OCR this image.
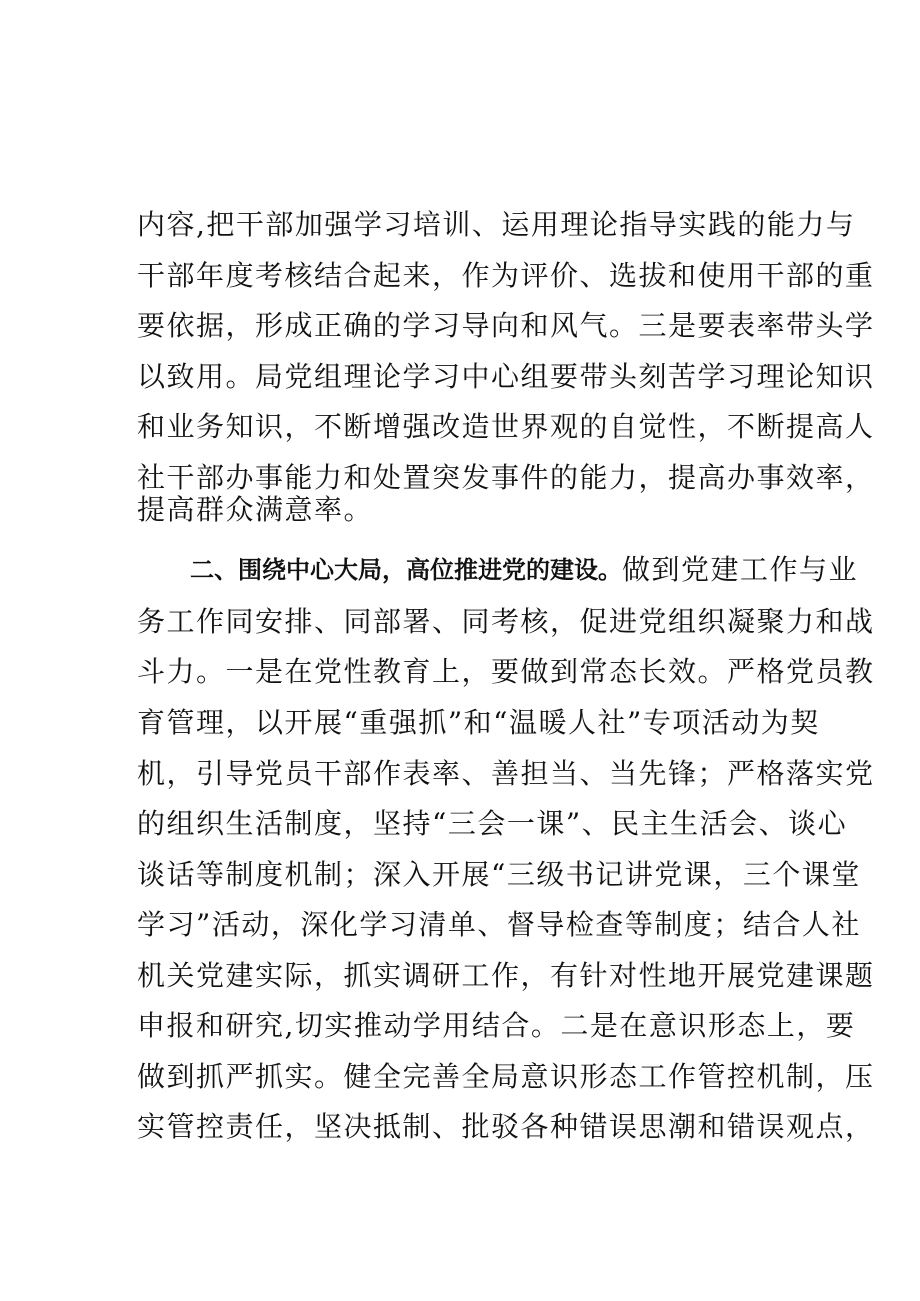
内容,把干部加强学习培训、运用理论指导实践的能力与
干部年度考核结合起来，作为评价、选拔和使用干部的重
要依据，形成正确的学习导向和风气。三是要表率带头学
以致用。局党组理论学习中心组要带头刻苦学习理论知识
和业务知识，不断增强改造世界观的自觉性，不断提高人
社干部办事能力和处置突发事件的能力，提高办事效率，
提高群众满意率。
二、围绕中心大局，高位推进党的建设。 做到党建工作与业
务工作同安排、同部署、同考核，促进党组织凝聚力和战
斗力。一是在党性教育上，要做到常态长效。严格党员教
育管理，以开展“重强抓”和“温暖人社”专项活动为契
机，引导党员干部作表率、善担当、当先锋；严格落实党
的组织生活制度，坚持“三会一课”、民主生活会、谈心
谈话等制度机制；深入开展“三级书记讲党课，三个课堂
学习”活动，深化学习清单、督导检查等制度；结合人社
机关党建实际，抓实调研工作，有针对性地开展党建课题
申报和研究,切实推动学用结合。二是在意识形态上，要
做到抓严抓实。健全完善全局意识形态工作管控机制，压
实管控责任，坚决抵制、批驳各种错误思潮和错误观点，
